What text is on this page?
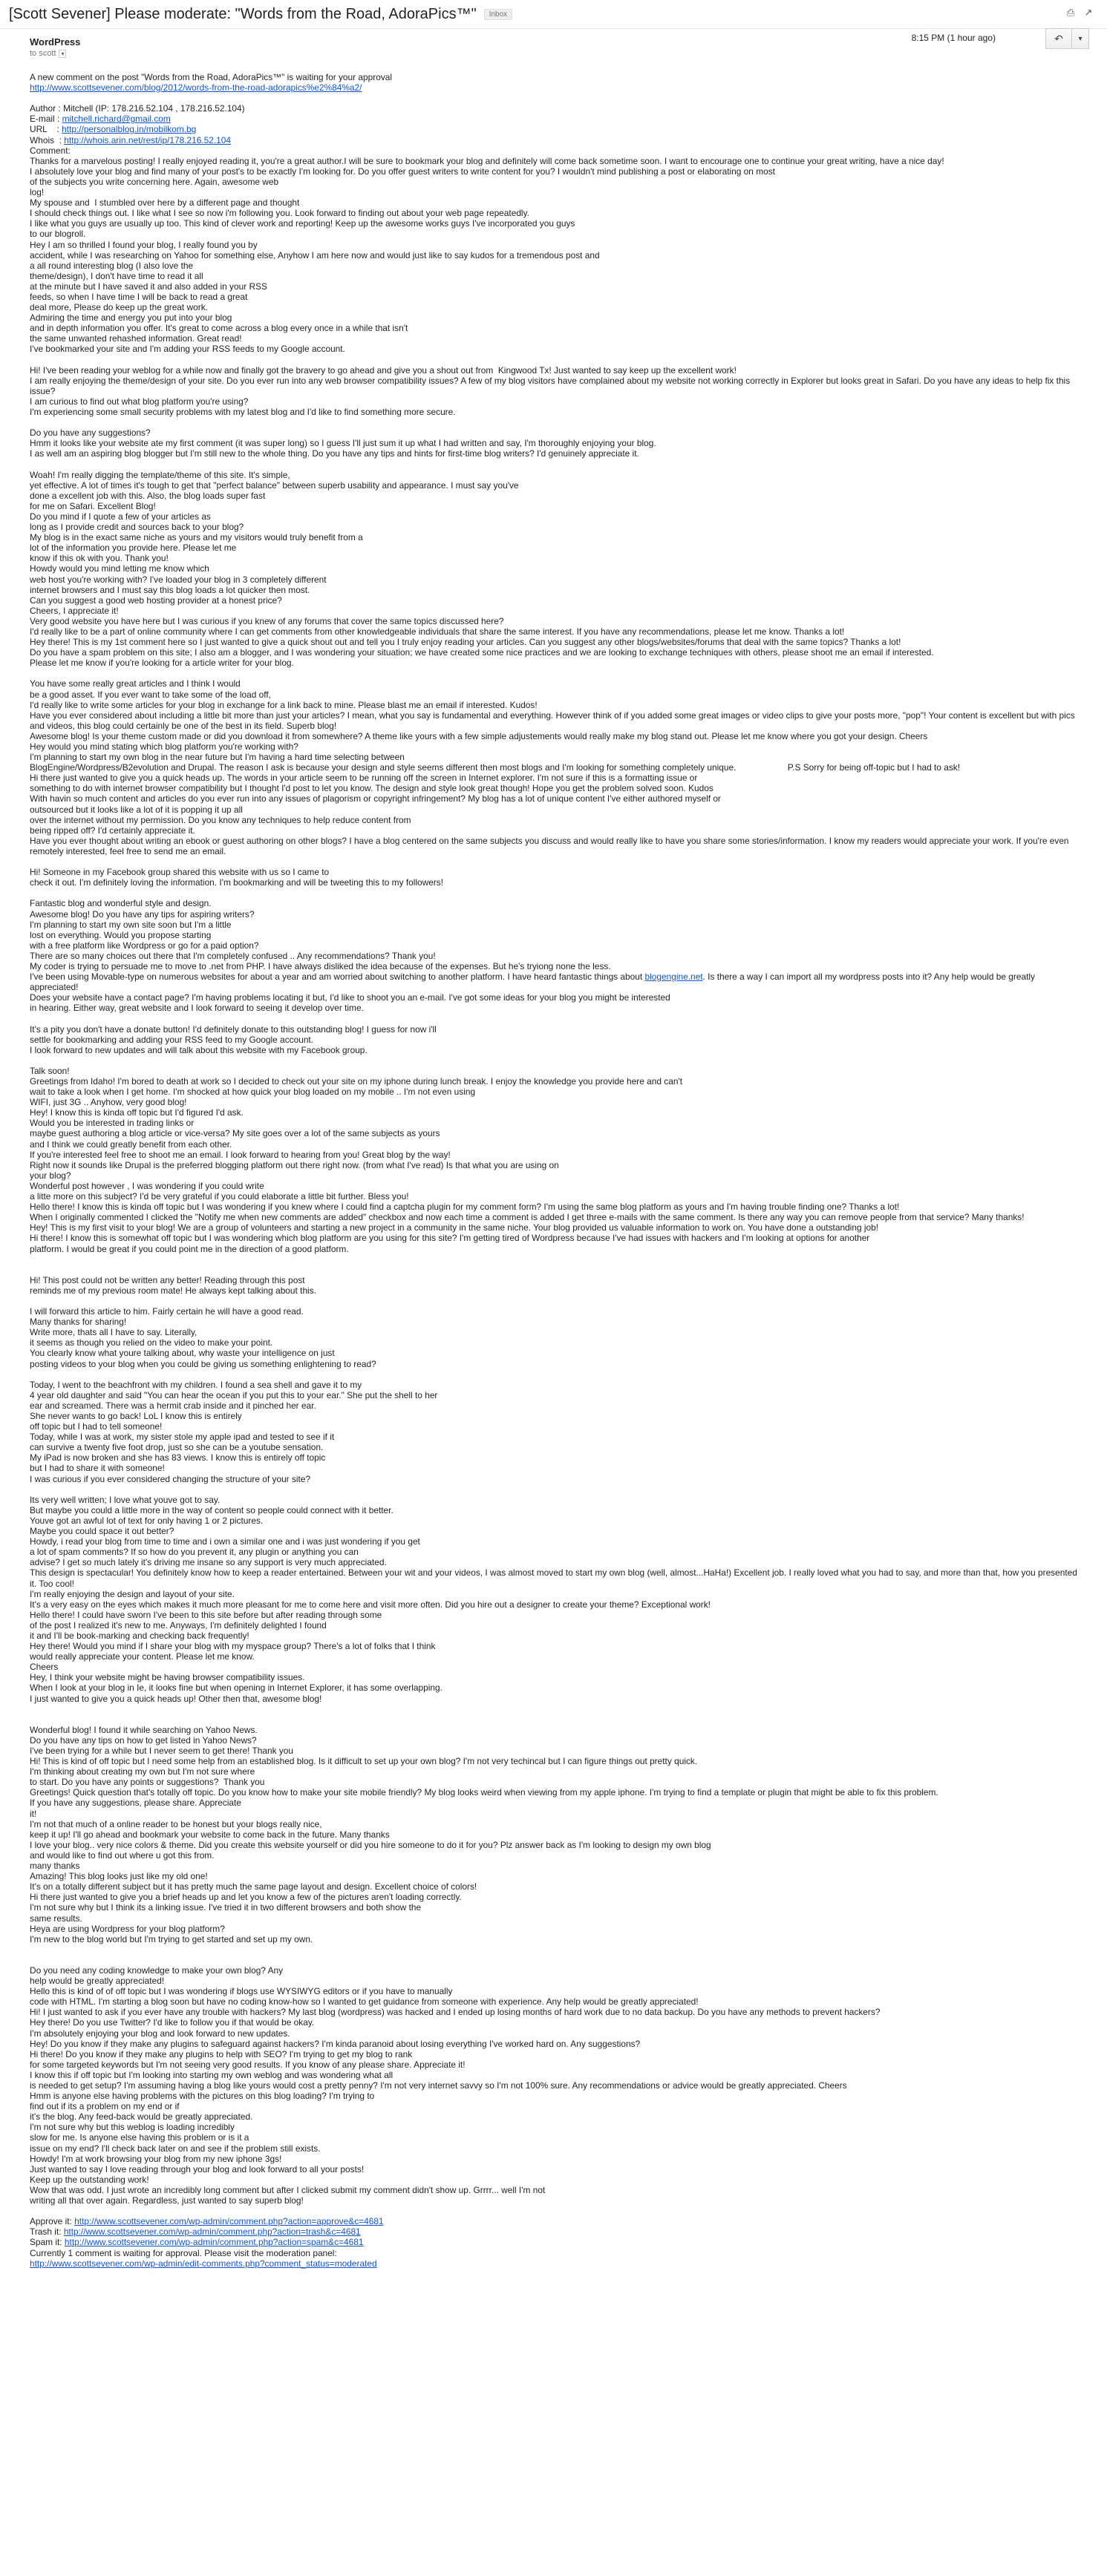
[Scott Sevener] Please moderate: "Words from the Road, AdoraPics™"	Inbox	⎙ ↗
WordPress
to scott ▾
8:15 PM (1 hour ago)	↶	▾
A new comment on the post "Words from the Road, AdoraPics™" is waiting for your approval
http://www.scottsevener.com/blog/2012/words-from-the-road-adorapics%e2%84%a2/

Author : Mitchell (IP: 178.216.52.104 , 178.216.52.104)
E-mail : mitchell.richard@gmail.com
URL    : http://personalblog.in/mobilkom.bg
Whois  : http://whois.arin.net/rest/ip/178.216.52.104

Comment:
Thanks for a marvelous posting! I really enjoyed reading it, you're a great author.I will be sure to bookmark your blog and definitely will come back sometime soon. I want to encourage one to continue your great writing, have a nice day!
I absolutely love your blog and find many of your post's to be exactly I'm looking for. Do you offer guest writers to write content for you? I wouldn't mind publishing a post or elaborating on most
of the subjects you write concerning here. Again, awesome web
log!
My spouse and  I stumbled over here by a different page and thought
I should check things out. I like what I see so now i'm following you. Look forward to finding out about your web page repeatedly.
I like what you guys are usually up too. This kind of clever work and reporting! Keep up the awesome works guys I've incorporated you guys
to our blogroll.
Hey I am so thrilled I found your blog, I really found you by
accident, while I was researching on Yahoo for something else, Anyhow I am here now and would just like to say kudos for a tremendous post and
a all round interesting blog (I also love the
theme/design), I don't have time to read it all
at the minute but I have saved it and also added in your RSS
feeds, so when I have time I will be back to read a great
deal more, Please do keep up the great work.
Admiring the time and energy you put into your blog
and in depth information you offer. It's great to come across a blog every once in a while that isn't
the same unwanted rehashed information. Great read!
I've bookmarked your site and I'm adding your RSS feeds to my Google account.

Hi! I've been reading your weblog for a while now and finally got the bravery to go ahead and give you a shout out from  Kingwood Tx! Just wanted to say keep up the excellent work!
I am really enjoying the theme/design of your site. Do you ever run into any web browser compatibility issues? A few of my blog visitors have complained about my website not working correctly in Explorer but looks great in Safari. Do you have any ideas to help fix this issue?
I am curious to find out what blog platform you're using?
I'm experiencing some small security problems with my latest blog and I'd like to find something more secure.

Do you have any suggestions?
Hmm it looks like your website ate my first comment (it was super long) so I guess I'll just sum it up what I had written and say, I'm thoroughly enjoying your blog.
I as well am an aspiring blog blogger but I'm still new to the whole thing. Do you have any tips and hints for first-time blog writers? I'd genuinely appreciate it.

Woah! I'm really digging the template/theme of this site. It's simple,
yet effective. A lot of times it's tough to get that "perfect balance" between superb usability and appearance. I must say you've
done a excellent job with this. Also, the blog loads super fast
for me on Safari. Excellent Blog!
Do you mind if I quote a few of your articles as
long as I provide credit and sources back to your blog?
My blog is in the exact same niche as yours and my visitors would truly benefit from a
lot of the information you provide here. Please let me
know if this ok with you. Thank you!
Howdy would you mind letting me know which
web host you're working with? I've loaded your blog in 3 completely different
internet browsers and I must say this blog loads a lot quicker then most.
Can you suggest a good web hosting provider at a honest price?
Cheers, I appreciate it!
Very good website you have here but I was curious if you knew of any forums that cover the same topics discussed here?
I'd really like to be a part of online community where I can get comments from other knowledgeable individuals that share the same interest. If you have any recommendations, please let me know. Thanks a lot!
Hey there! This is my 1st comment here so I just wanted to give a quick shout out and tell you I truly enjoy reading your articles. Can you suggest any other blogs/websites/forums that deal with the same topics? Thanks a lot!
Do you have a spam problem on this site; I also am a blogger, and I was wondering your situation; we have created some nice practices and we are looking to exchange techniques with others, please shoot me an email if interested.
Please let me know if you're looking for a article writer for your blog.

You have some really great articles and I think I would
be a good asset. If you ever want to take some of the load off,
I'd really like to write some articles for your blog in exchange for a link back to mine. Please blast me an email if interested. Kudos!
Have you ever considered about including a little bit more than just your articles? I mean, what you say is fundamental and everything. However think of if you added some great images or video clips to give your posts more, "pop"! Your content is excellent but with pics and videos, this blog could certainly be one of the best in its field. Superb blog!
Awesome blog! Is your theme custom made or did you download it from somewhere? A theme like yours with a few simple adjustements would really make my blog stand out. Please let me know where you got your design. Cheers
Hey would you mind stating which blog platform you're working with?
I'm planning to start my own blog in the near future but I'm having a hard time selecting between
BlogEngine/Wordpress/B2evolution and Drupal. The reason I ask is because your design and style seems different then most blogs and I'm looking for something completely unique.                     P.S Sorry for being off-topic but I had to ask!
Hi there just wanted to give you a quick heads up. The words in your article seem to be running off the screen in Internet explorer. I'm not sure if this is a formatting issue or
something to do with internet browser compatibility but I thought I'd post to let you know. The design and style look great though! Hope you get the problem solved soon. Kudos
With havin so much content and articles do you ever run into any issues of plagorism or copyright infringement? My blog has a lot of unique content I've either authored myself or
outsourced but it looks like a lot of it is popping it up all
over the internet without my permission. Do you know any techniques to help reduce content from
being ripped off? I'd certainly appreciate it.
Have you ever thought about writing an ebook or guest authoring on other blogs? I have a blog centered on the same subjects you discuss and would really like to have you share some stories/information. I know my readers would appreciate your work. If you're even remotely interested, feel free to send me an email.

Hi! Someone in my Facebook group shared this website with us so I came to
check it out. I'm definitely loving the information. I'm bookmarking and will be tweeting this to my followers!

Fantastic blog and wonderful style and design.
Awesome blog! Do you have any tips for aspiring writers?
I'm planning to start my own site soon but I'm a little
lost on everything. Would you propose starting
with a free platform like Wordpress or go for a paid option?
There are so many choices out there that I'm completely confused .. Any recommendations? Thank you!
My coder is trying to persuade me to move to .net from PHP. I have always disliked the idea because of the expenses. But he's tryiong none the less.
I've been using Movable-type on numerous websites for about a year and am worried about switching to another platform. I have heard fantastic things about blogengine.net. Is there a way I can import all my wordpress posts into it? Any help would be greatly appreciated!
Does your website have a contact page? I'm having problems locating it but, I'd like to shoot you an e-mail. I've got some ideas for your blog you might be interested
in hearing. Either way, great website and I look forward to seeing it develop over time.

It's a pity you don't have a donate button! I'd definitely donate to this outstanding blog! I guess for now i'll
settle for bookmarking and adding your RSS feed to my Google account.
I look forward to new updates and will talk about this website with my Facebook group.

Talk soon!
Greetings from Idaho! I'm bored to death at work so I decided to check out your site on my iphone during lunch break. I enjoy the knowledge you provide here and can't
wait to take a look when I get home. I'm shocked at how quick your blog loaded on my mobile .. I'm not even using
WIFI, just 3G .. Anyhow, very good blog!
Hey! I know this is kinda off topic but I'd figured I'd ask.
Would you be interested in trading links or
maybe guest authoring a blog article or vice-versa? My site goes over a lot of the same subjects as yours
and I think we could greatly benefit from each other.
If you're interested feel free to shoot me an email. I look forward to hearing from you! Great blog by the way!
Right now it sounds like Drupal is the preferred blogging platform out there right now. (from what I've read) Is that what you are using on
your blog?
Wonderful post however , I was wondering if you could write
a litte more on this subject? I'd be very grateful if you could elaborate a little bit further. Bless you!
Hello there! I know this is kinda off topic but I was wondering if you knew where I could find a captcha plugin for my comment form? I'm using the same blog platform as yours and I'm having trouble finding one? Thanks a lot!
When I originally commented I clicked the "Notify me when new comments are added" checkbox and now each time a comment is added I get three e-mails with the same comment. Is there any way you can remove people from that service? Many thanks!
Hey! This is my first visit to your blog! We are a group of volunteers and starting a new project in a community in the same niche. Your blog provided us valuable information to work on. You have done a outstanding job!
Hi there! I know this is somewhat off topic but I was wondering which blog platform are you using for this site? I'm getting tired of Wordpress because I've had issues with hackers and I'm looking at options for another
platform. I would be great if you could point me in the direction of a good platform.

Hi! This post could not be written any better! Reading through this post
reminds me of my previous room mate! He always kept talking about this.

I will forward this article to him. Fairly certain he will have a good read.
Many thanks for sharing!
Write more, thats all I have to say. Literally,
it seems as though you relied on the video to make your point.
You clearly know what youre talking about, why waste your intelligence on just
posting videos to your blog when you could be giving us something enlightening to read?

Today, I went to the beachfront with my children. I found a sea shell and gave it to my
4 year old daughter and said "You can hear the ocean if you put this to your ear." She put the shell to her
ear and screamed. There was a hermit crab inside and it pinched her ear.
She never wants to go back! LoL I know this is entirely
off topic but I had to tell someone!
Today, while I was at work, my sister stole my apple ipad and tested to see if it
can survive a twenty five foot drop, just so she can be a youtube sensation.
My iPad is now broken and she has 83 views. I know this is entirely off topic
but I had to share it with someone!
I was curious if you ever considered changing the structure of your site?

Its very well written; I love what youve got to say.
But maybe you could a little more in the way of content so people could connect with it better.
Youve got an awful lot of text for only having 1 or 2 pictures.
Maybe you could space it out better?
Howdy, i read your blog from time to time and i own a similar one and i was just wondering if you get
a lot of spam comments? If so how do you prevent it, any plugin or anything you can
advise? I get so much lately it's driving me insane so any support is very much appreciated.
This design is spectacular! You definitely know how to keep a reader entertained. Between your wit and your videos, I was almost moved to start my own blog (well, almost...HaHa!) Excellent job. I really loved what you had to say, and more than that, how you presented it. Too cool!
I'm really enjoying the design and layout of your site.
It's a very easy on the eyes which makes it much more pleasant for me to come here and visit more often. Did you hire out a designer to create your theme? Exceptional work!
Hello there! I could have sworn I've been to this site before but after reading through some
of the post I realized it's new to me. Anyways, I'm definitely delighted I found
it and I'll be book-marking and checking back frequently!
Hey there! Would you mind if I share your blog with my myspace group? There's a lot of folks that I think
would really appreciate your content. Please let me know.
Cheers
Hey, I think your website might be having browser compatibility issues.
When I look at your blog in Ie, it looks fine but when opening in Internet Explorer, it has some overlapping.
I just wanted to give you a quick heads up! Other then that, awesome blog!

Wonderful blog! I found it while searching on Yahoo News.
Do you have any tips on how to get listed in Yahoo News?
I've been trying for a while but I never seem to get there! Thank you
Hi! This is kind of off topic but I need some help from an established blog. Is it difficult to set up your own blog? I'm not very techincal but I can figure things out pretty quick.
I'm thinking about creating my own but I'm not sure where
to start. Do you have any points or suggestions?  Thank you
Greetings! Quick question that's totally off topic. Do you know how to make your site mobile friendly? My blog looks weird when viewing from my apple iphone. I'm trying to find a template or plugin that might be able to fix this problem.
If you have any suggestions, please share. Appreciate
it!
I'm not that much of a online reader to be honest but your blogs really nice,
keep it up! I'll go ahead and bookmark your website to come back in the future. Many thanks
I love your blog.. very nice colors & theme. Did you create this website yourself or did you hire someone to do it for you? Plz answer back as I'm looking to design my own blog
and would like to find out where u got this from.
many thanks
Amazing! This blog looks just like my old one!
It's on a totally different subject but it has pretty much the same page layout and design. Excellent choice of colors!
Hi there just wanted to give you a brief heads up and let you know a few of the pictures aren't loading correctly.
I'm not sure why but I think its a linking issue. I've tried it in two different browsers and both show the
same results.
Heya are using Wordpress for your blog platform?
I'm new to the blog world but I'm trying to get started and set up my own.

Do you need any coding knowledge to make your own blog? Any
help would be greatly appreciated!
Hello this is kind of of off topic but I was wondering if blogs use WYSIWYG editors or if you have to manually
code with HTML. I'm starting a blog soon but have no coding know-how so I wanted to get guidance from someone with experience. Any help would be greatly appreciated!
Hi! I just wanted to ask if you ever have any trouble with hackers? My last blog (wordpress) was hacked and I ended up losing months of hard work due to no data backup. Do you have any methods to prevent hackers?
Hey there! Do you use Twitter? I'd like to follow you if that would be okay.
I'm absolutely enjoying your blog and look forward to new updates.
Hey! Do you know if they make any plugins to safeguard against hackers? I'm kinda paranoid about losing everything I've worked hard on. Any suggestions?
Hi there! Do you know if they make any plugins to help with SEO? I'm trying to get my blog to rank
for some targeted keywords but I'm not seeing very good results. If you know of any please share. Appreciate it!
I know this if off topic but I'm looking into starting my own weblog and was wondering what all
is needed to get setup? I'm assuming having a blog like yours would cost a pretty penny? I'm not very internet savvy so I'm not 100% sure. Any recommendations or advice would be greatly appreciated. Cheers
Hmm is anyone else having problems with the pictures on this blog loading? I'm trying to
find out if its a problem on my end or if
it's the blog. Any feed-back would be greatly appreciated.
I'm not sure why but this weblog is loading incredibly
slow for me. Is anyone else having this problem or is it a
issue on my end? I'll check back later on and see if the problem still exists.
Howdy! I'm at work browsing your blog from my new iphone 3gs!
Just wanted to say I love reading through your blog and look forward to all your posts!
Keep up the outstanding work!
Wow that was odd. I just wrote an incredibly long comment but after I clicked submit my comment didn't show up. Grrrr... well I'm not
writing all that over again. Regardless, just wanted to say superb blog!

Approve it: http://www.scottsevener.com/wp-admin/comment.php?action=approve&c=4681
Trash it: http://www.scottsevener.com/wp-admin/comment.php?action=trash&c=4681
Spam it: http://www.scottsevener.com/wp-admin/comment.php?action=spam&c=4681

Currently 1 comment is waiting for approval. Please visit the moderation panel:
http://www.scottsevener.com/wp-admin/edit-comments.php?comment_status=moderated
